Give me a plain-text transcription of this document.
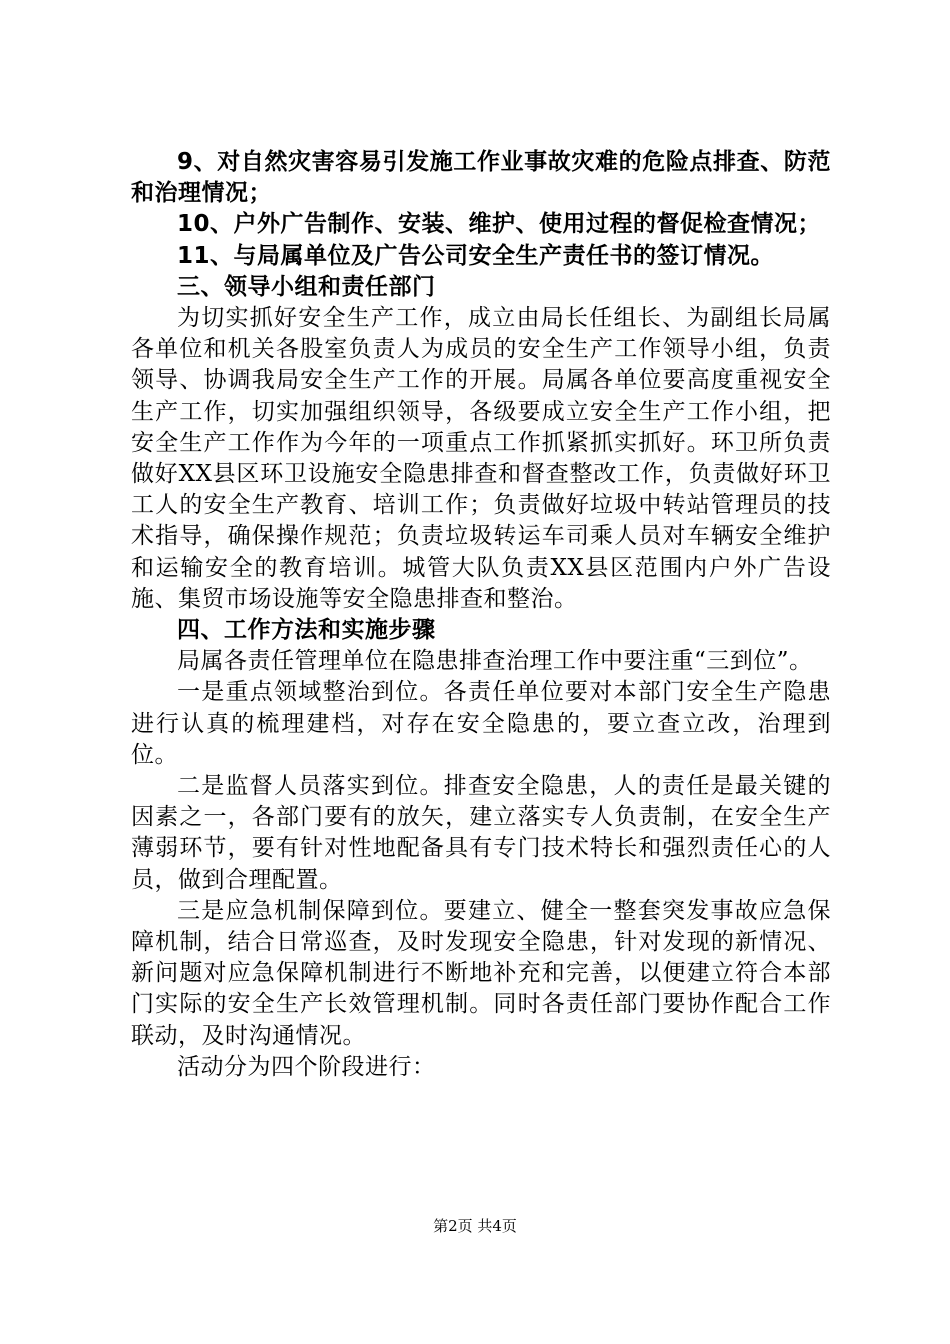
9、对自然灾害容易引发施工作业事故灾难的危险点排查、防范和治理情况；

10、户外广告制作、安装、维护、使用过程的督促检查情况；

11、与局属单位及广告公司安全生产责任书的签订情况。

三、领导小组和责任部门

为切实抓好安全生产工作，成立由局长任组长、为副组长局属各单位和机关各股室负责人为成员的安全生产工作领导小组，负责领导、协调我局安全生产工作的开展。局属各单位要高度重视安全生产工作，切实加强组织领导，各级要成立安全生产工作小组，把安全生产工作作为今年的一项重点工作抓紧抓实抓好。环卫所负责做好XX县区环卫设施安全隐患排查和督查整改工作，负责做好环卫工人的安全生产教育、培训工作；负责做好垃圾中转站管理员的技术指导，确保操作规范；负责垃圾转运车司乘人员对车辆安全维护和运输安全的教育培训。城管大队负责XX县区范围内户外广告设施、集贸市场设施等安全隐患排查和整治。

四、工作方法和实施步骤

局属各责任管理单位在隐患排查治理工作中要注重“三到位”。

一是重点领域整治到位。各责任单位要对本部门安全生产隐患进行认真的梳理建档，对存在安全隐患的，要立查立改，治理到位。

二是监督人员落实到位。排查安全隐患，人的责任是最关键的因素之一，各部门要有的放矢，建立落实专人负责制，在安全生产薄弱环节，要有针对性地配备具有专门技术特长和强烈责任心的人员，做到合理配置。

三是应急机制保障到位。要建立、健全一整套突发事故应急保障机制，结合日常巡查，及时发现安全隐患，针对发现的新情况、新问题对应急保障机制进行不断地补充和完善，以便建立符合本部门实际的安全生产长效管理机制。同时各责任部门要协作配合工作联动，及时沟通情况。

活动分为四个阶段进行：

第2页 共4页
